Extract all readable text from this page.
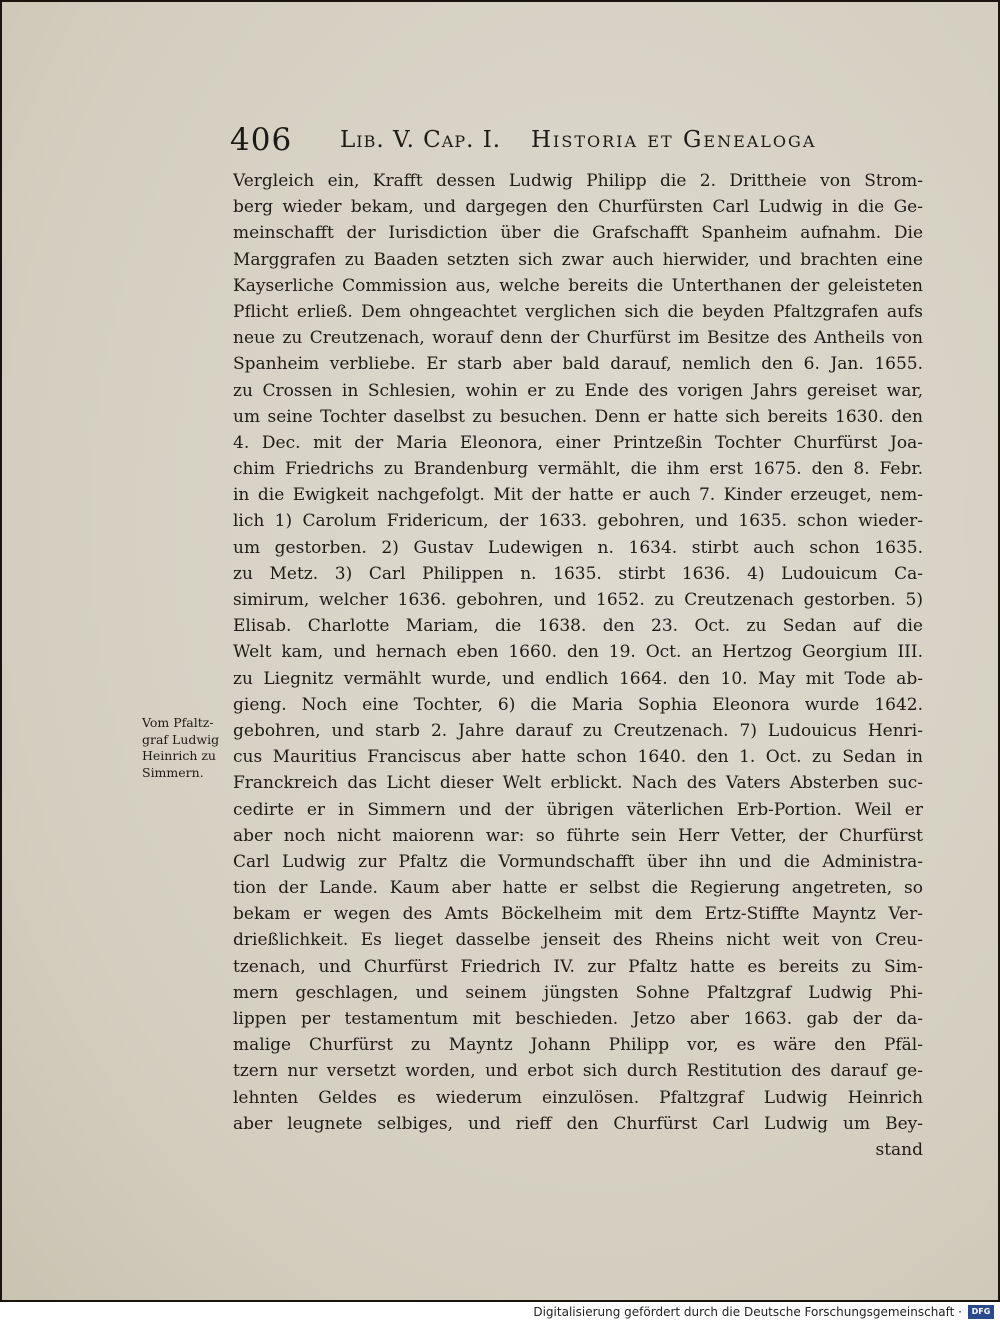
406 Lib. V. Cap. I. Historia et Genealoga
Vom Pfaltz-
graf Ludwig
Heinrich zu
Simmern.
Vergleich ein, Krafft dessen Ludwig Philipp die 2. Drittheie von Strom-
berg wieder bekam, und dargegen den Churfürsten Carl Ludwig in die Ge-
meinschafft der Iurisdiction über die Grafschafft Spanheim aufnahm. Die
Marggrafen zu Baaden setzten sich zwar auch hierwider, und brachten eine
Kayserliche Commission aus, welche bereits die Unterthanen der geleisteten
Pflicht erließ. Dem ohngeachtet verglichen sich die beyden Pfaltzgrafen aufs
neue zu Creutzenach, worauf denn der Churfürst im Besitze des Antheils von
Spanheim verbliebe. Er starb aber bald darauf, nemlich den 6. Jan. 1655.
zu Crossen in Schlesien, wohin er zu Ende des vorigen Jahrs gereiset war,
um seine Tochter daselbst zu besuchen. Denn er hatte sich bereits 1630. den
4. Dec. mit der Maria Eleonora, einer Printzeßin Tochter Churfürst Joa-
chim Friedrichs zu Brandenburg vermählt, die ihm erst 1675. den 8. Febr.
in die Ewigkeit nachgefolgt. Mit der hatte er auch 7. Kinder erzeuget, nem-
lich 1) Carolum Fridericum, der 1633. gebohren, und 1635. schon wieder-
um gestorben. 2) Gustav Ludewigen n. 1634. stirbt auch schon 1635.
zu Metz. 3) Carl Philippen n. 1635. stirbt 1636. 4) Ludouicum Ca-
simirum, welcher 1636. gebohren, und 1652. zu Creutzenach gestorben. 5)
Elisab. Charlotte Mariam, die 1638. den 23. Oct. zu Sedan auf die
Welt kam, und hernach eben 1660. den 19. Oct. an Hertzog Georgium III.
zu Liegnitz vermählt wurde, und endlich 1664. den 10. May mit Tode ab-
gieng. Noch eine Tochter, 6) die Maria Sophia Eleonora wurde 1642.
gebohren, und starb 2. Jahre darauf zu Creutzenach. 7) Ludouicus Henri-
cus Mauritius Franciscus aber hatte schon 1640. den 1. Oct. zu Sedan in
Franckreich das Licht dieser Welt erblickt. Nach des Vaters Absterben suc-
cedirte er in Simmern und der übrigen väterlichen Erb-Portion. Weil er
aber noch nicht maiorenn war: so führte sein Herr Vetter, der Churfürst
Carl Ludwig zur Pfaltz die Vormundschafft über ihn und die Administra-
tion der Lande. Kaum aber hatte er selbst die Regierung angetreten, so
bekam er wegen des Amts Böckelheim mit dem Ertz-Stiffte Mayntz Ver-
drießlichkeit. Es lieget dasselbe jenseit des Rheins nicht weit von Creu-
tzenach, und Churfürst Friedrich IV. zur Pfaltz hatte es bereits zu Sim-
mern geschlagen, und seinem jüngsten Sohne Pfaltzgraf Ludwig Phi-
lippen per testamentum mit beschieden. Jetzo aber 1663. gab der da-
malige Churfürst zu Mayntz Johann Philipp vor, es wäre den Pfäl-
tzern nur versetzt worden, und erbot sich durch Restitution des darauf ge-
lehnten Geldes es wiederum einzulösen. Pfaltzgraf Ludwig Heinrich
aber leugnete selbiges, und rieff den Churfürst Carl Ludwig um Bey-
stand
Digitalisierung gefördert durch die Deutsche Forschungsgemeinschaft ·	DFG
